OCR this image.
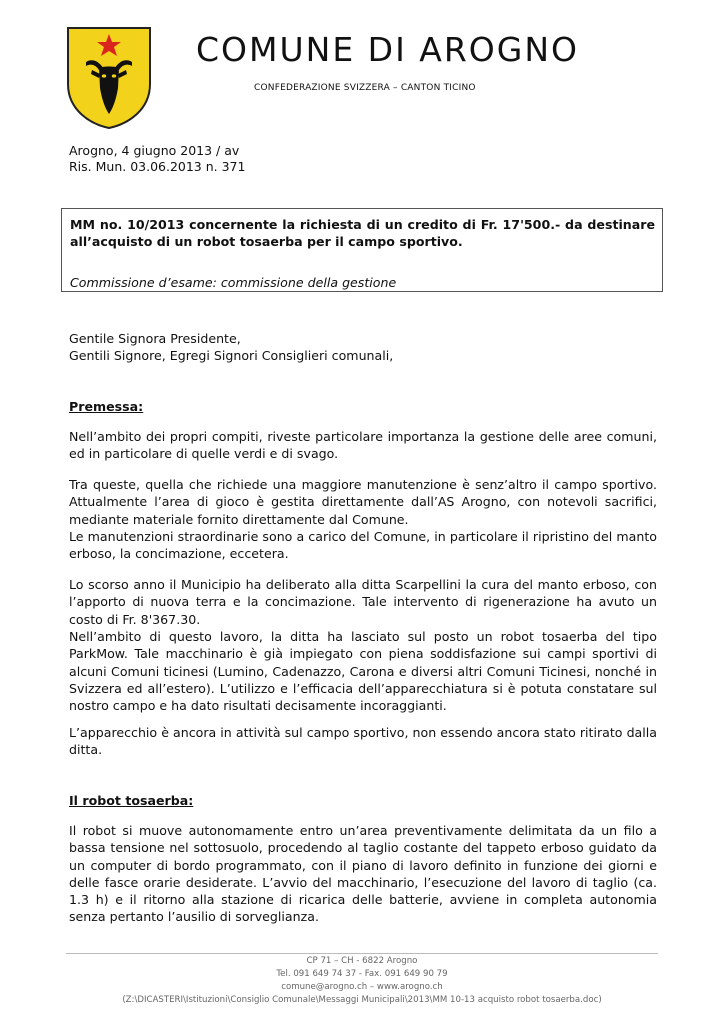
COMUNE DI AROGNO
CONFEDERAZIONE SVIZZERA – CANTON TICINO
Arogno, 4 giugno 2013 / av
Ris. Mun. 03.06.2013 n. 371
MM no. 10/2013 concernente la richiesta di un credito di Fr. 17'500.- da destinare all’acquisto di un robot tosaerba per il campo sportivo.
Commissione d’esame: commissione della gestione

Gentile Signora Presidente,

Gentili Signore, Egregi Signori Consiglieri comunali,

Premessa:

Nell’ambito dei propri compiti, riveste particolare importanza la gestione delle aree comuni, ed in particolare di quelle verdi e di svago.

Tra queste, quella che richiede una maggiore manutenzione è senz’altro il campo sportivo. Attualmente l’area di gioco è gestita direttamente dall’AS Arogno, con notevoli sacrifici, mediante materiale fornito direttamente dal Comune.

Le manutenzioni straordinarie sono a carico del Comune, in particolare il ripristino del manto erboso, la concimazione, eccetera.

Lo scorso anno il Municipio ha deliberato alla ditta Scarpellini la cura del manto erboso, con l’apporto di nuova terra e la concimazione. Tale intervento di rigenerazione ha avuto un costo di Fr. 8'367.30.

Nell’ambito di questo lavoro, la ditta ha lasciato sul posto un robot tosaerba del tipo ParkMow. Tale macchinario è già impiegato con piena soddisfazione sui campi sportivi di alcuni Comuni ticinesi (Lumino, Cadenazzo, Carona e diversi altri Comuni Ticinesi, nonché in Svizzera ed all’estero). L’utilizzo e l’efficacia dell’apparecchiatura si è potuta constatare sul nostro campo e ha dato risultati decisamente incoraggianti.

L’apparecchio è ancora in attività sul campo sportivo, non essendo ancora stato ritirato dalla ditta.

Il robot tosaerba:

Il robot si muove autonomamente entro un’area preventivamente delimitata da un filo a bassa tensione nel sottosuolo, procedendo al taglio costante del tappeto erboso guidato da un computer di bordo programmato, con il piano di lavoro definito in funzione dei giorni e delle fasce orarie desiderate. L’avvio del macchinario, l’esecuzione del lavoro di taglio (ca. 1.3 h) e il ritorno alla stazione di ricarica delle batterie, avviene in completa autonomia senza pertanto l’ausilio di sorveglianza.

CP 71 – CH - 6822 Arogno
Tel. 091 649 74 37 - Fax. 091 649 90 79
comune@arogno.ch – www.arogno.ch
(Z:\DICASTERI\Istituzioni\Consiglio Comunale\Messaggi Municipali\2013\MM 10-13 acquisto robot tosaerba.doc)
